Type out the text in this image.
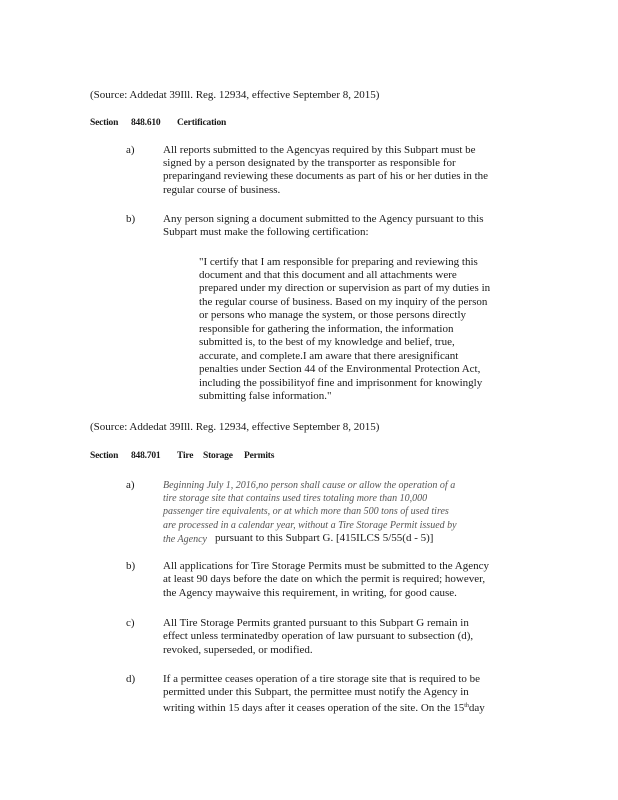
(Source: Addedat 39Ill. Reg. 12934, effective September 8, 2015)
Section 848.610 Certification
a)	All reports submitted to the Agencyas required by this Subpart must be
signed by a person designated by the transporter as responsible for
preparingand reviewing these documents as part of his or her duties in the
regular course of business.
b)	Any person signing a document submitted to the Agency pursuant to this
Subpart must make the following certification:
"I certify that I am responsible for preparing and reviewing this
document and that this document and all attachments were
prepared under my direction or supervision as part of my duties in
the regular course of business. Based on my inquiry of the person
or persons who manage the system, or those persons directly
responsible for gathering the information, the information
submitted is, to the best of my knowledge and belief, true,
accurate, and complete.I am aware that there aresignificant
penalties under Section 44 of the Environmental Protection Act,
including the possibilityof fine and imprisonment for knowingly
submitting false information."
(Source: Addedat 39Ill. Reg. 12934, effective September 8, 2015)
Section 848.701 Tire Storage Permits
a)	Beginning July 1, 2016,no person shall cause or allow the operation of a
tire storage site that contains used tires totaling more than 10,000
passenger tire equivalents, or at which more than 500 tons of used tires
are processed in a calendar year, without a Tire Storage Permit issued by
the Agency pursuant to this Subpart G. [415ILCS 5/55(d - 5)]
b)	All applications for Tire Storage Permits must be submitted to the Agency
at least 90 days before the date on which the permit is required; however,
the Agency maywaive this requirement, in writing, for good cause.
c)	All Tire Storage Permits granted pursuant to this Subpart G remain in
effect unless terminatedby operation of law pursuant to subsection (d),
revoked, superseded, or modified.
d)	If a permittee ceases operation of a tire storage site that is required to be
permitted under this Subpart, the permittee must notify the Agency in
writing within 15 days after it ceases operation of the site. On the 15thday
